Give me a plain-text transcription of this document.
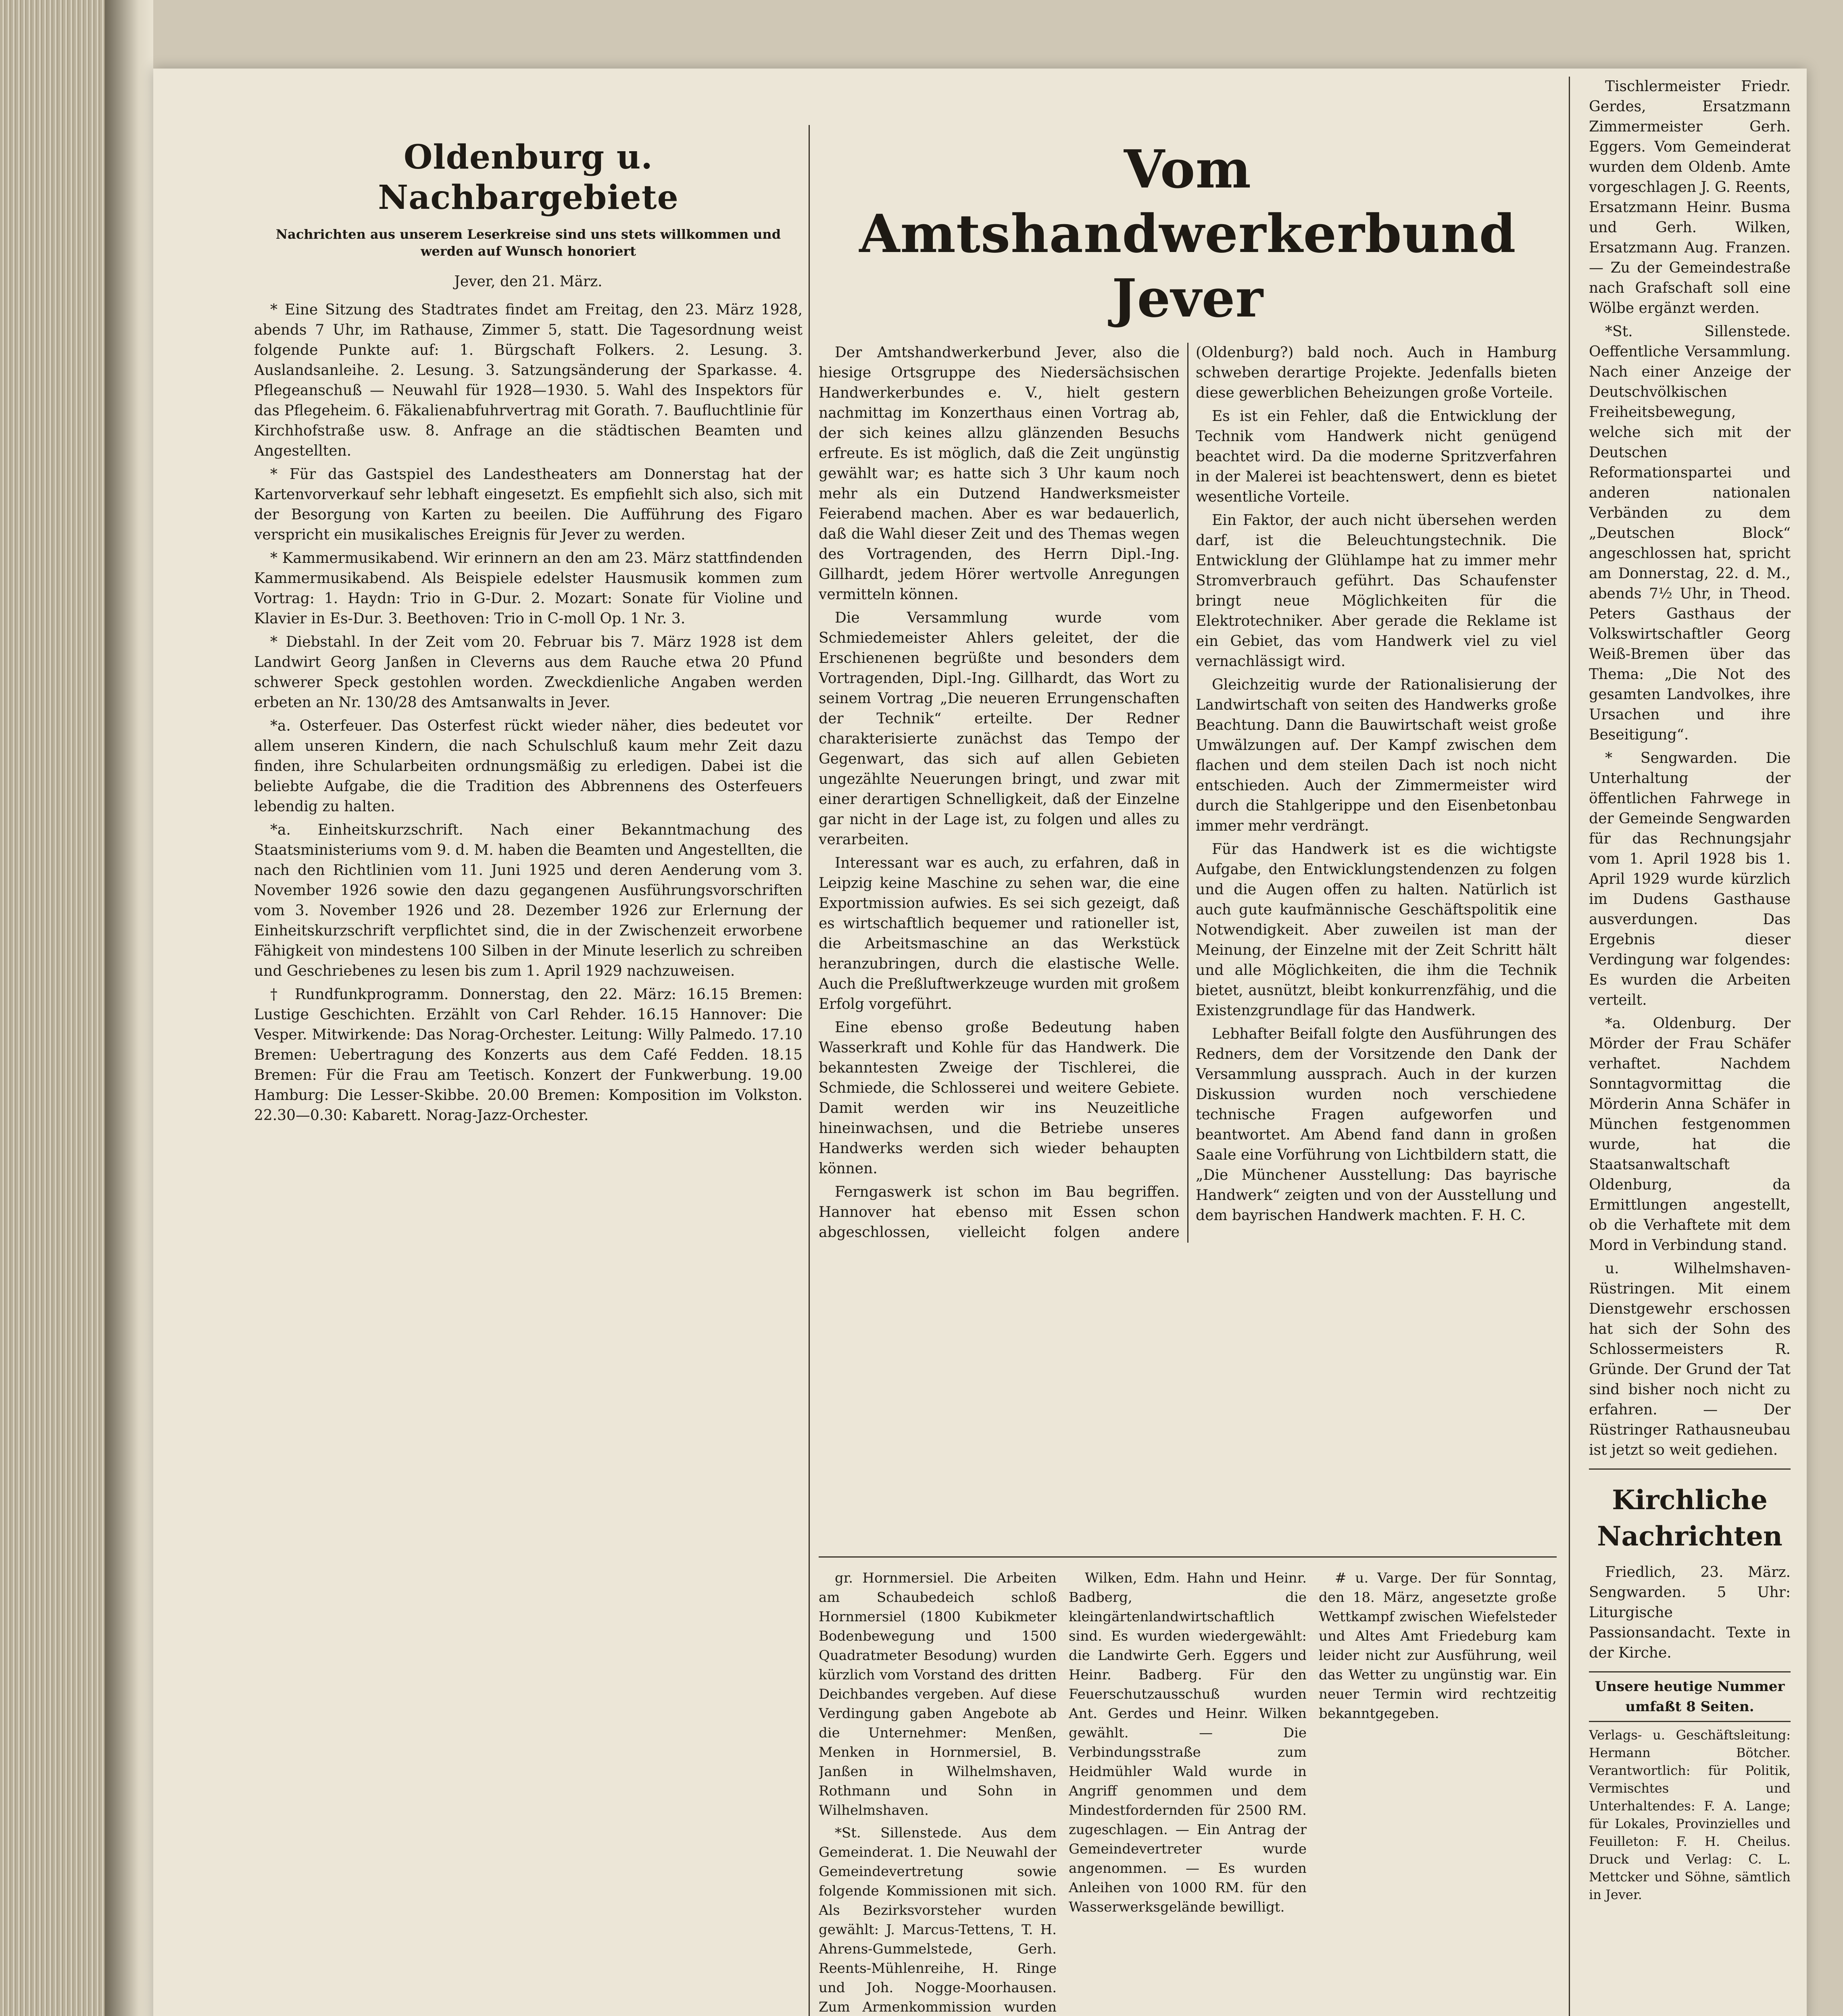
Oldenburg u. Nachbargebiete
Nachrichten aus unserem Leserkreise sind uns stets willkommen und werden auf Wunsch honoriert
Jever, den 21. März.

* Eine Sitzung des Stadtrates findet am Freitag, den 23. März 1928, abends 7 Uhr, im Rathause, Zimmer 5, statt. Die Tagesordnung weist folgende Punkte auf: 1. Bürgschaft Folkers. 2. Lesung. 3. Auslandsanleihe. 2. Lesung. 3. Satzungsänderung der Sparkasse. 4. Pflegeanschuß — Neuwahl für 1928—1930. 5. Wahl des Inspektors für das Pflegeheim. 6. Fäkalienabfuhrvertrag mit Gorath. 7. Baufluchtlinie für Kirchhofstraße usw. 8. Anfrage an die städtischen Beamten und Angestellten.

* Für das Gastspiel des Landestheaters am Donnerstag hat der Kartenvorverkauf sehr lebhaft eingesetzt. Es empfiehlt sich also, sich mit der Besorgung von Karten zu beeilen. Die Aufführung des Figaro verspricht ein musikalisches Ereignis für Jever zu werden.

* Kammermusikabend. Wir erinnern an den am 23. März stattfindenden Kammermusikabend. Als Beispiele edelster Hausmusik kommen zum Vortrag: 1. Haydn: Trio in G-Dur. 2. Mozart: Sonate für Violine und Klavier in Es-Dur. 3. Beethoven: Trio in C-moll Op. 1 Nr. 3.

* Diebstahl. In der Zeit vom 20. Februar bis 7. März 1928 ist dem Landwirt Georg Janßen in Cleverns aus dem Rauche etwa 20 Pfund schwerer Speck gestohlen worden. Zweckdienliche Angaben werden erbeten an Nr. 130/28 des Amtsanwalts in Jever.

*a. Osterfeuer. Das Osterfest rückt wieder näher, dies bedeutet vor allem unseren Kindern, die nach Schulschluß kaum mehr Zeit dazu finden, ihre Schularbeiten ordnungsmäßig zu erledigen. Dabei ist die beliebte Aufgabe, die die Tradition des Abbrennens des Osterfeuers lebendig zu halten.

*a. Einheitskurzschrift. Nach einer Bekanntmachung des Staatsministeriums vom 9. d. M. haben die Beamten und Angestellten, die nach den Richtlinien vom 11. Juni 1925 und deren Aenderung vom 3. November 1926 sowie den dazu gegangenen Ausführungsvorschriften vom 3. November 1926 und 28. Dezember 1926 zur Erlernung der Einheitskurzschrift verpflichtet sind, die in der Zwischenzeit erworbene Fähigkeit von mindestens 100 Silben in der Minute leserlich zu schreiben und Geschriebenes zu lesen bis zum 1. April 1929 nachzuweisen.

† Rundfunkprogramm. Donnerstag, den 22. März: 16.15 Bremen: Lustige Geschichten. Erzählt von Carl Rehder. 16.15 Hannover: Die Vesper. Mitwirkende: Das Norag-Orchester. Leitung: Willy Palmedo. 17.10 Bremen: Uebertragung des Konzerts aus dem Café Fedden. 18.15 Bremen: Für die Frau am Teetisch. Konzert der Funkwerbung. 19.00 Hamburg: Die Lesser-Skibbe. 20.00 Bremen: Komposition im Volkston. 22.30—0.30: Kabarett. Norag-Jazz-Orchester.

Vom Amtshandwerkerbund Jever

Der Amtshandwerkerbund Jever, also die hiesige Ortsgruppe des Niedersächsischen Handwerkerbundes e. V., hielt gestern nachmittag im Konzerthaus einen Vortrag ab, der sich keines allzu glänzenden Besuchs erfreute. Es ist möglich, daß die Zeit ungünstig gewählt war; es hatte sich 3 Uhr kaum noch mehr als ein Dutzend Handwerksmeister Feierabend machen. Aber es war bedauerlich, daß die Wahl dieser Zeit und des Themas wegen des Vortragenden, des Herrn Dipl.-Ing. Gillhardt, jedem Hörer wertvolle Anregungen vermitteln können.

Die Versammlung wurde vom Schmiedemeister Ahlers geleitet, der die Erschienenen begrüßte und besonders dem Vortragenden, Dipl.-Ing. Gillhardt, das Wort zu seinem Vortrag „Die neueren Errungenschaften der Technik“ erteilte. Der Redner charakterisierte zunächst das Tempo der Gegenwart, das sich auf allen Gebieten ungezählte Neuerungen bringt, und zwar mit einer derartigen Schnelligkeit, daß der Einzelne gar nicht in der Lage ist, zu folgen und alles zu verarbeiten.

Interessant war es auch, zu erfahren, daß in Leipzig keine Maschine zu sehen war, die eine Exportmission aufwies. Es sei sich gezeigt, daß es wirtschaftlich bequemer und rationeller ist, die Arbeitsmaschine an das Werkstück heranzubringen, durch die elastische Welle. Auch die Preßluftwerkzeuge wurden mit großem Erfolg vorgeführt.

Eine ebenso große Bedeutung haben Wasserkraft und Kohle für das Handwerk. Die bekanntesten Zweige der Tischlerei, die Schmiede, die Schlosserei und weitere Gebiete. Damit werden wir ins Neuzeitliche hineinwachsen, und die Betriebe unseres Handwerks werden sich wieder behaupten können.

Ferngaswerk ist schon im Bau begriffen. Hannover hat ebenso mit Essen schon abgeschlossen, vielleicht folgen andere (Oldenburg?) bald noch. Auch in Hamburg schweben derartige Projekte. Jedenfalls bieten diese gewerblichen Beheizungen große Vorteile.

Es ist ein Fehler, daß die Entwicklung der Technik vom Handwerk nicht genügend beachtet wird. Da die moderne Spritzverfahren in der Malerei ist beachtenswert, denn es bietet wesentliche Vorteile.

Ein Faktor, der auch nicht übersehen werden darf, ist die Beleuchtungstechnik. Die Entwicklung der Glühlampe hat zu immer mehr Stromverbrauch geführt. Das Schaufenster bringt neue Möglichkeiten für die Elektrotechniker. Aber gerade die Reklame ist ein Gebiet, das vom Handwerk viel zu viel vernachlässigt wird.

Gleichzeitig wurde der Rationalisierung der Landwirtschaft von seiten des Handwerks große Beachtung. Dann die Bauwirtschaft weist große Umwälzungen auf. Der Kampf zwischen dem flachen und dem steilen Dach ist noch nicht entschieden. Auch der Zimmermeister wird durch die Stahlgerippe und den Eisenbetonbau immer mehr verdrängt.

Für das Handwerk ist es die wichtigste Aufgabe, den Entwicklungstendenzen zu folgen und die Augen offen zu halten. Natürlich ist auch gute kaufmännische Geschäftspolitik eine Notwendigkeit. Aber zuweilen ist man der Meinung, der Einzelne mit der Zeit Schritt hält und alle Möglichkeiten, die ihm die Technik bietet, ausnützt, bleibt konkurrenzfähig, und die Existenzgrundlage für das Handwerk.

Lebhafter Beifall folgte den Ausführungen des Redners, dem der Vorsitzende den Dank der Versammlung aussprach. Auch in der kurzen Diskussion wurden noch verschiedene technische Fragen aufgeworfen und beantwortet. Am Abend fand dann in großen Saale eine Vorführung von Lichtbildern statt, die „Die Münchener Ausstellung: Das bayrische Handwerk“ zeigten und von der Ausstellung und dem bayrischen Handwerk machten. F. H. C.

gr. Hornmersiel. Die Arbeiten am Schaubedeich schloß Hornmersiel (1800 Kubikmeter Bodenbewegung und 1500 Quadratmeter Besodung) wurden kürzlich vom Vorstand des dritten Deichbandes vergeben. Auf diese Verdingung gaben Angebote ab die Unternehmer: Menßen, Menken in Hornmersiel, B. Janßen in Wilhelmshaven, Rothmann und Sohn in Wilhelmshaven.

*St. Sillenstede. Aus dem Gemeinderat. 1. Die Neuwahl der Gemeindevertretung sowie folgende Kommissionen mit sich. Als Bezirksvorsteher wurden gewählt: J. Marcus-Tettens, T. H. Ahrens-Gummelstede, Gerh. Reents-Mühlenreihe, H. Ringe und Joh. Nogge-Moorhausen. Zum Armenkommission wurden

Wilken, Edm. Hahn und Heinr. Badberg, die kleingärtenlandwirtschaftlich sind. Es wurden wiedergewählt: die Landwirte Gerh. Eggers und Heinr. Badberg. Für den Feuerschutzausschuß wurden Ant. Gerdes und Heinr. Wilken gewählt. — Die Verbindungsstraße zum Heidmühler Wald wurde in Angriff genommen und dem Mindestfordernden für 2500 RM. zugeschlagen. — Ein Antrag der Gemeindevertreter wurde angenommen. — Es wurden Anleihen von 1000 RM. für den Wasserwerksgelände bewilligt.

# u. Varge. Der für Sonntag, den 18. März, angesetzte große Wettkampf zwischen Wiefelsteder und Altes Amt Friedeburg kam leider nicht zur Ausführung, weil das Wetter zu ungünstig war. Ein neuer Termin wird rechtzeitig bekanntgegeben.

Tischlermeister Friedr. Gerdes, Ersatzmann Zimmermeister Gerh. Eggers. Vom Gemeinderat wurden dem Oldenb. Amte vorgeschlagen J. G. Reents, Ersatzmann Heinr. Busma und Gerh. Wilken, Ersatzmann Aug. Franzen. — Zu der Gemeindestraße nach Grafschaft soll eine Wölbe ergänzt werden.

*St. Sillenstede. Oeffentliche Versammlung. Nach einer Anzeige der Deutschvölkischen Freiheitsbewegung, welche sich mit der Deutschen Reformationspartei und anderen nationalen Verbänden zu dem „Deutschen Block“ angeschlossen hat, spricht am Donnerstag, 22. d. M., abends 7½ Uhr, in Theod. Peters Gasthaus der Volkswirtschaftler Georg Weiß-Bremen über das Thema: „Die Not des gesamten Landvolkes, ihre Ursachen und ihre Beseitigung“.

* Sengwarden. Die Unterhaltung der öffentlichen Fahrwege in der Gemeinde Sengwarden für das Rechnungsjahr vom 1. April 1928 bis 1. April 1929 wurde kürzlich im Dudens Gasthause ausverdungen. Das Ergebnis dieser Verdingung war folgendes: Es wurden die Arbeiten verteilt.

*a. Oldenburg. Der Mörder der Frau Schäfer verhaftet. Nachdem Sonntagvormittag die Mörderin Anna Schäfer in München festgenommen wurde, hat die Staatsanwaltschaft Oldenburg, da Ermittlungen angestellt, ob die Verhaftete mit dem Mord in Verbindung stand.

u. Wilhelmshaven-Rüstringen. Mit einem Dienstgewehr erschossen hat sich der Sohn des Schlossermeisters R. Gründe. Der Grund der Tat sind bisher noch nicht zu erfahren. — Der Rüstringer Rathausneubau ist jetzt so weit gediehen.

Kirchliche Nachrichten

Friedlich, 23. März. Sengwarden. 5 Uhr: Liturgische Passionsandacht. Texte in der Kirche.

Unsere heutige Nummer umfaßt 8 Seiten.
Verlags- u. Geschäftsleitung: Hermann Bötcher. Verantwortlich: für Politik, Vermischtes und Unterhaltendes: F. A. Lange; für Lokales, Provinzielles und Feuilleton: F. H. Cheilus. Druck und Verlag: C. L. Mettcker und Söhne, sämtlich in Jever.
